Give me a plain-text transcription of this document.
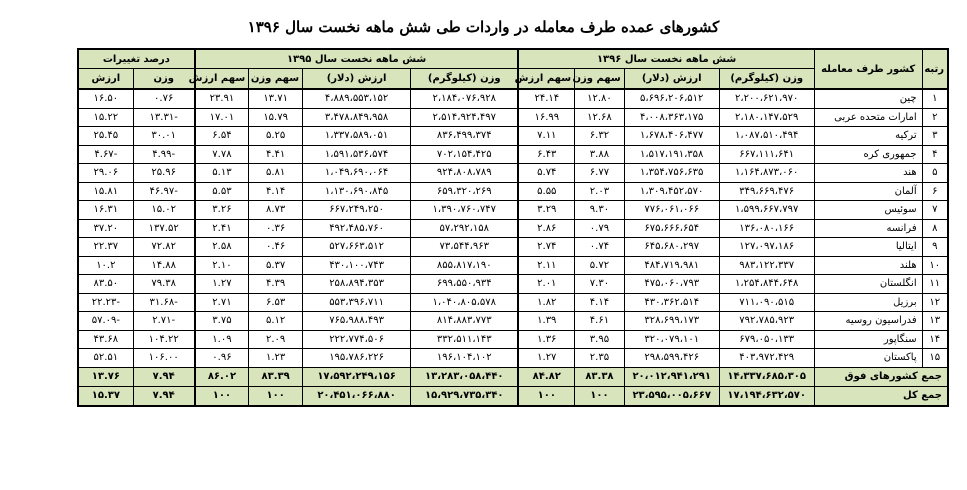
کشورهای عمده طرف معامله در واردات طی شش ماهه نخست سال ۱۳۹۶
رتبه	کشور طرف معامله	شش ماهه نخست سال ۱۳۹۶				شش ماهه نخست سال ۱۳۹۵				درصد تغییرات	
		وزن (کیلوگرم)	ارزش (دلار)	سهم وزن	سهم ارزش	وزن (کیلوگرم)	ارزش (دلار)	سهم وزن	سهم ارزش	وزن	ارزش
۱	چین	۲،۲۰۰،۶۲۱،۹۷۰	۵،۶۹۶،۲۰۶،۵۱۲	۱۲.۸۰	۲۴.۱۴	۲،۱۸۴،۰۷۶،۹۲۸	۴،۸۸۹،۵۵۳،۱۵۲	۱۳.۷۱	۲۳.۹۱	۰.۷۶	۱۶.۵۰
۲	امارات متحده عربی	۲،۱۸۰،۱۴۷،۵۲۹	۴،۰۰۸،۳۶۳،۱۷۵	۱۲.۶۸	۱۶.۹۹	۲،۵۱۴،۹۲۴،۴۹۷	۳،۴۷۸،۸۴۹،۹۵۸	۱۵.۷۹	۱۷.۰۱	-۱۳.۳۱	۱۵.۲۲
۳	ترکیه	۱،۰۸۷،۵۱۰،۴۹۴	۱،۶۷۸،۴۰۶،۴۷۷	۶.۳۲	۷.۱۱	۸۳۶،۴۹۹،۳۷۴	۱،۳۳۷،۵۸۹،۰۵۱	۵.۲۵	۶.۵۴	۳۰.۰۱	۲۵.۴۵
۴	جمهوری کره	۶۶۷،۱۱۱،۶۴۱	۱،۵۱۷،۱۹۱،۳۵۸	۳.۸۸	۶.۴۳	۷۰۲،۱۵۴،۴۲۵	۱،۵۹۱،۵۳۶،۵۷۴	۴.۴۱	۷.۷۸	-۴.۹۹	-۴.۶۷
۵	هند	۱،۱۶۴،۸۷۳،۰۶۰	۱،۳۵۴،۷۵۶،۶۳۵	۶.۷۷	۵.۷۴	۹۲۴،۸۰۸،۷۸۹	۱،۰۴۹،۶۹۰،۰۶۴	۵.۸۱	۵.۱۳	۲۵.۹۶	۲۹.۰۶
۶	آلمان	۳۴۹،۶۶۹،۴۷۶	۱،۳۰۹،۴۵۲،۵۷۰	۲.۰۳	۵.۵۵	۶۵۹،۳۲۰،۲۶۹	۱،۱۳۰،۶۹۰،۸۴۵	۴.۱۴	۵.۵۳	-۴۶.۹۷	۱۵.۸۱
۷	سوئیس	۱،۵۹۹،۶۶۷،۷۹۷	۷۷۶،۰۶۱،۰۶۶	۹.۳۰	۳.۲۹	۱،۳۹۰،۷۶۰،۷۴۷	۶۶۷،۲۴۹،۲۵۰	۸.۷۳	۳.۲۶	۱۵.۰۲	۱۶.۳۱
۸	فرانسه	۱۳۶،۰۸۰،۱۶۶	۶۷۵،۶۶۶،۶۵۴	۰.۷۹	۲.۸۶	۵۷،۲۹۲،۱۵۸	۴۹۲،۴۸۵،۷۶۰	۰.۳۶	۲.۴۱	۱۳۷.۵۲	۳۷.۲۰
۹	ایتالیا	۱۲۷،۰۹۷،۱۸۶	۶۴۵،۶۸۰،۲۹۷	۰.۷۴	۲.۷۴	۷۳،۵۴۴،۹۶۳	۵۲۷،۶۶۳،۵۱۲	۰.۴۶	۲.۵۸	۷۲.۸۲	۲۲.۳۷
۱۰	هلند	۹۸۳،۱۲۲،۳۳۷	۴۸۴،۷۱۹،۹۸۱	۵.۷۲	۲.۱۱	۸۵۵،۸۱۷،۱۹۰	۴۳۰،۱۰۰،۷۴۳	۵.۳۷	۲.۱۰	۱۴.۸۸	۱۰.۲
۱۱	انگلستان	۱،۲۵۴،۸۴۴،۶۴۸	۴۷۵،۰۶۰،۷۹۳	۷.۳۰	۲.۰۱	۶۹۹،۵۵۰،۹۳۴	۲۵۸،۸۹۴،۳۵۳	۴.۳۹	۱.۲۷	۷۹.۳۸	۸۳.۵۰
۱۲	برزیل	۷۱۱،۰۹۰،۵۱۵	۴۳۰،۳۶۲،۵۱۴	۴.۱۴	۱.۸۲	۱،۰۴۰،۸۰۵،۵۷۸	۵۵۳،۳۹۶،۷۱۱	۶.۵۳	۲.۷۱	-۳۱.۶۸	-۲۲.۲۳
۱۳	فدراسیون روسیه	۷۹۲،۷۸۵،۹۲۳	۳۲۸،۶۹۹،۱۷۳	۴.۶۱	۱.۳۹	۸۱۴،۸۸۳،۷۷۳	۷۶۵،۹۸۸،۴۹۳	۵.۱۲	۳.۷۵	-۲.۷۱	-۵۷.۰۹
۱۴	سنگاپور	۶۷۹،۰۵۰،۱۳۳	۳۲۰،۰۷۹،۱۰۱	۳.۹۵	۱.۳۶	۳۳۲،۵۱۱،۱۴۳	۲۲۲،۷۷۴،۵۰۶	۲.۰۹	۱.۰۹	۱۰۴.۲۲	۴۳.۶۸
۱۵	پاکستان	۴۰۳،۹۷۲،۴۲۹	۲۹۸،۵۹۹،۴۲۶	۲.۳۵	۱.۲۷	۱۹۶،۱۰۴،۱۰۲	۱۹۵،۷۸۶،۲۲۶	۱.۲۳	۰.۹۶	۱۰۶.۰۰	۵۲.۵۱
جمع کشورهای فوق		۱۴،۳۳۷،۶۸۵،۳۰۵	۲۰،۰۱۲،۹۴۱،۲۹۱	۸۳.۳۸	۸۴.۸۲	۱۳،۲۸۳،۰۵۸،۴۴۰	۱۷،۵۹۲،۲۴۹،۱۵۶	۸۳.۳۹	۸۶.۰۲	۷.۹۴	۱۳.۷۶
جمع کل		۱۷،۱۹۴،۶۳۲،۵۷۰	۲۳،۵۹۵،۰۰۵،۶۶۷	۱۰۰	۱۰۰	۱۵،۹۲۹،۷۳۵،۳۴۰	۲۰،۴۵۱،۰۶۶،۸۸۰	۱۰۰	۱۰۰	۷.۹۴	۱۵.۳۷
